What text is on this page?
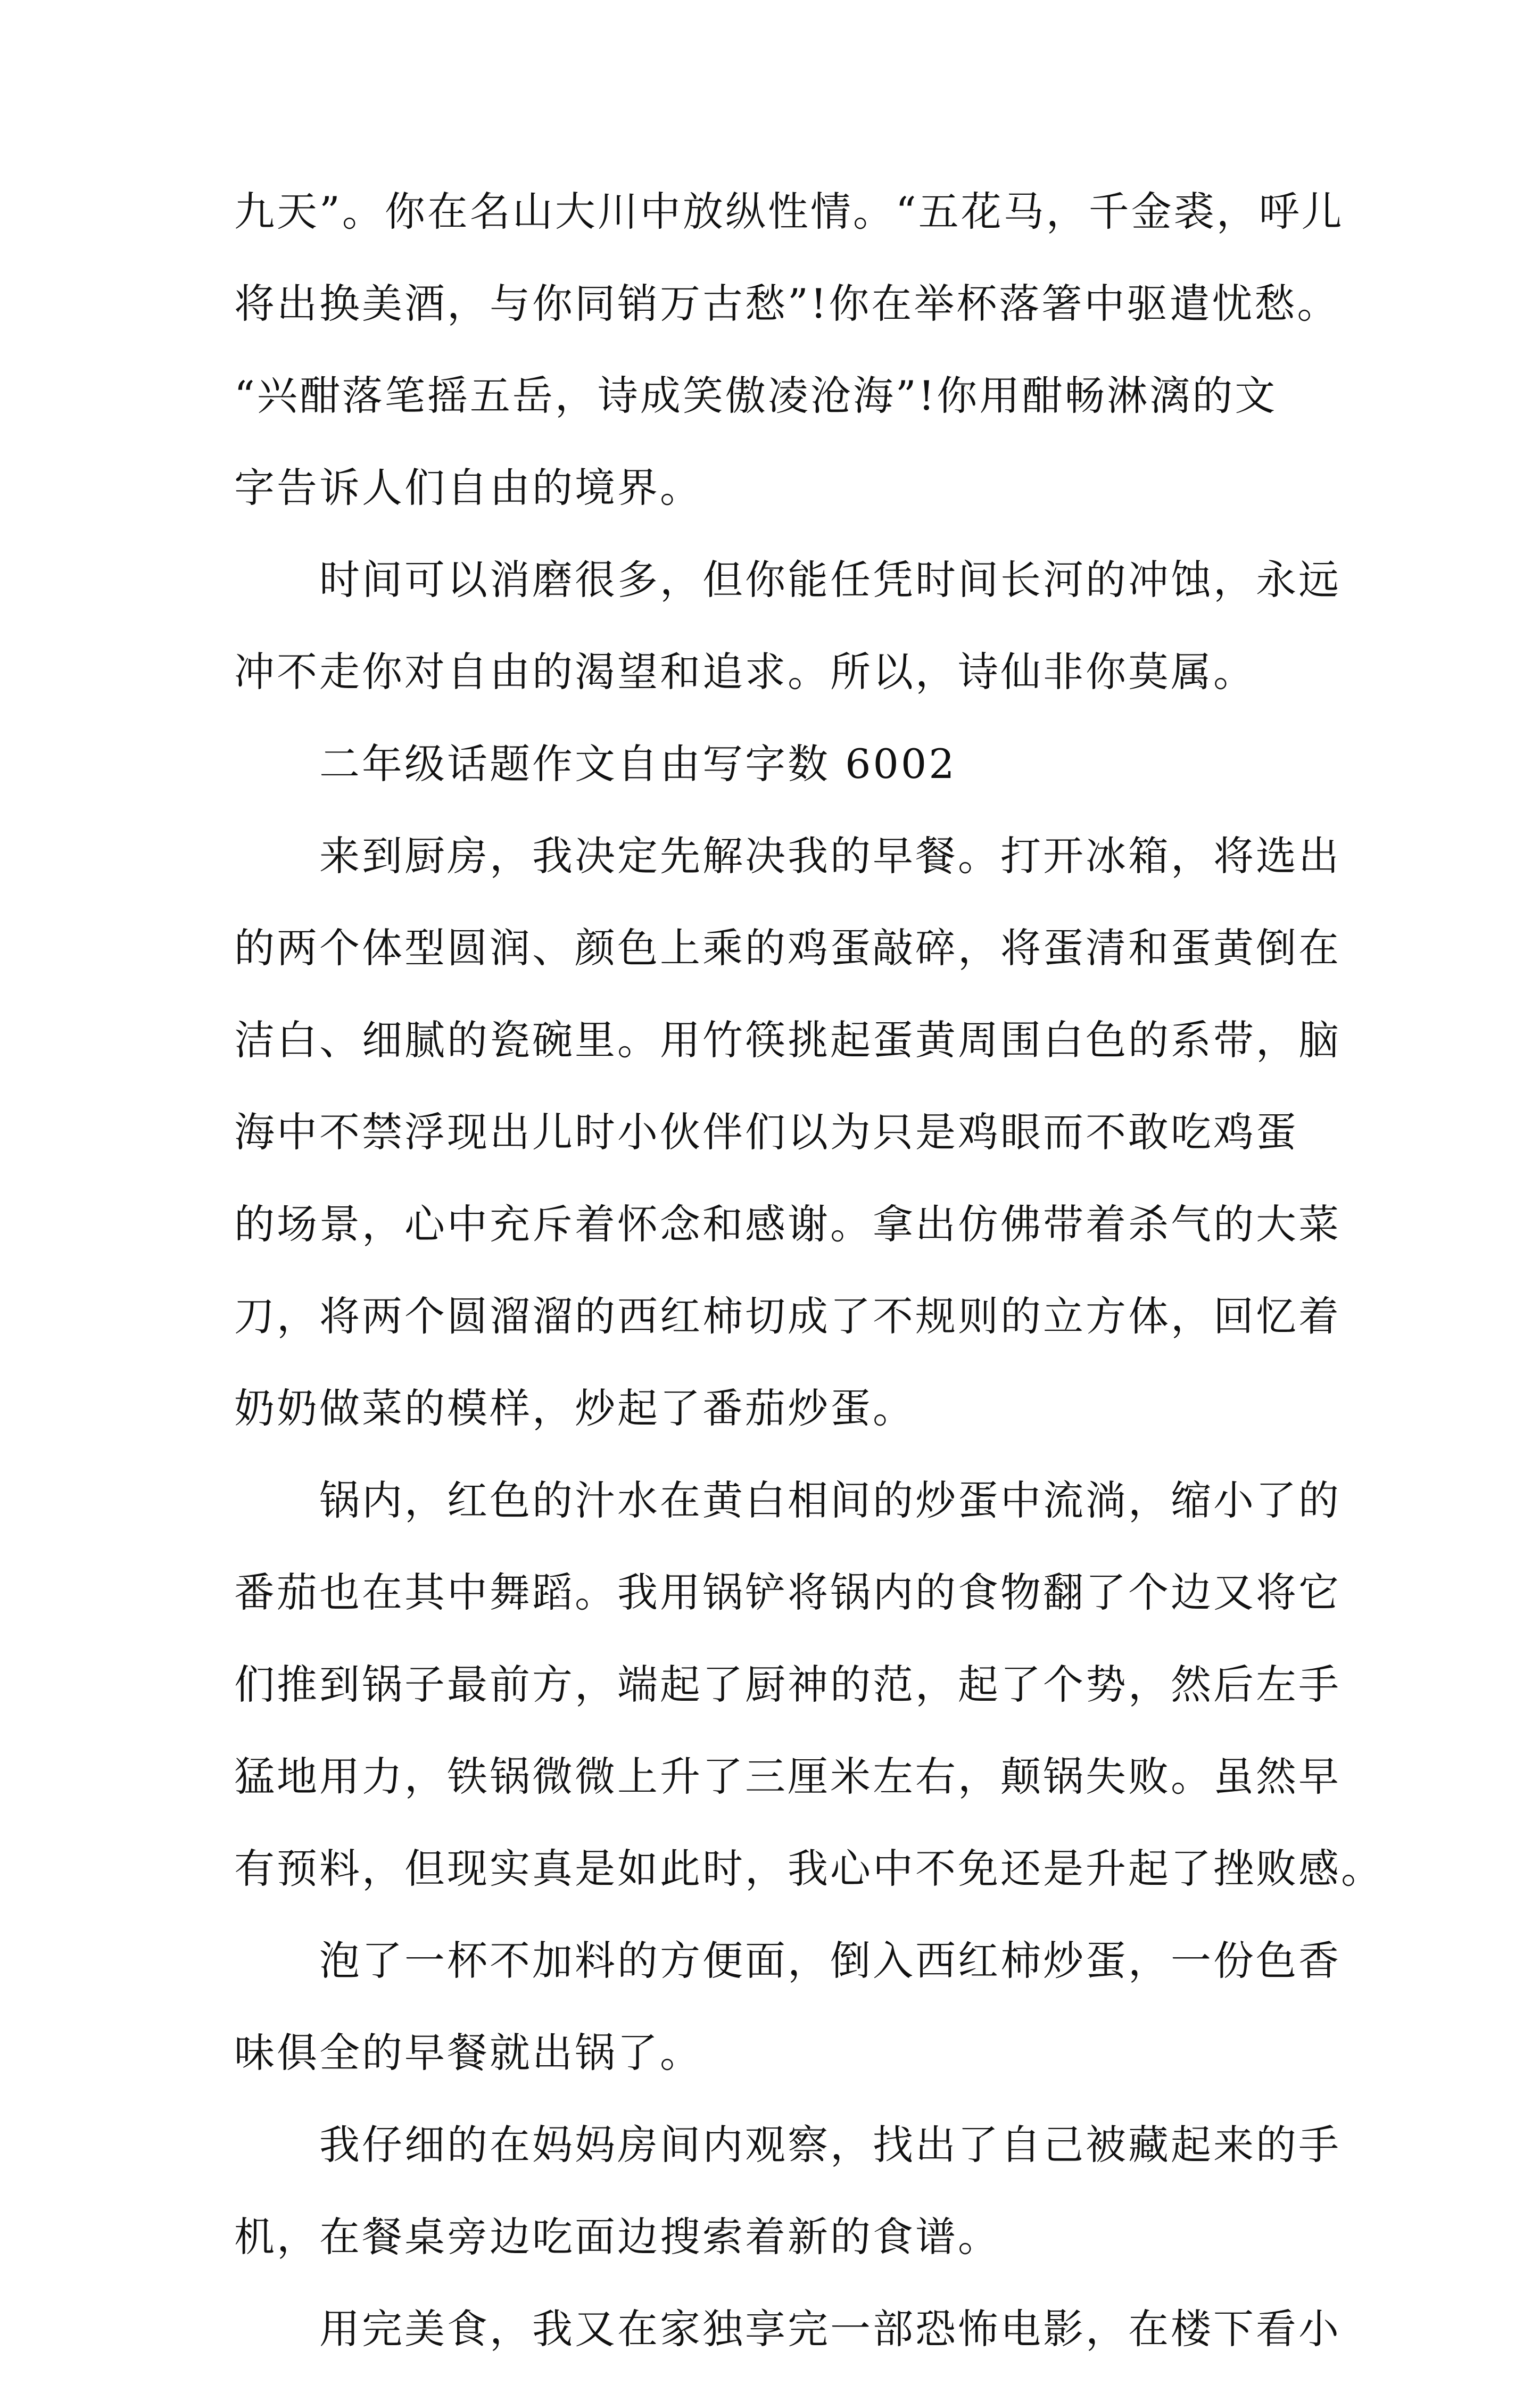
九天”。你在名山大川中放纵性情。“五花马，千金裘，呼儿
将出换美酒，与你同销万古愁”!你在举杯落箸中驱遣忧愁。
“兴酣落笔摇五岳，诗成笑傲凌沧海”!你用酣畅淋漓的文
字告诉人们自由的境界。
时间可以消磨很多，但你能任凭时间长河的冲蚀，永远
冲不走你对自由的渴望和追求。所以，诗仙非你莫属。
二年级话题作文自由写字数 6002
来到厨房，我决定先解决我的早餐。打开冰箱，将选出
的两个体型圆润、颜色上乘的鸡蛋敲碎，将蛋清和蛋黄倒在
洁白、细腻的瓷碗里。用竹筷挑起蛋黄周围白色的系带，脑
海中不禁浮现出儿时小伙伴们以为只是鸡眼而不敢吃鸡蛋
的场景，心中充斥着怀念和感谢。拿出仿佛带着杀气的大菜
刀，将两个圆溜溜的西红柿切成了不规则的立方体，回忆着
奶奶做菜的模样，炒起了番茄炒蛋。
锅内，红色的汁水在黄白相间的炒蛋中流淌，缩小了的
番茄也在其中舞蹈。我用锅铲将锅内的食物翻了个边又将它
们推到锅子最前方，端起了厨神的范，起了个势，然后左手
猛地用力，铁锅微微上升了三厘米左右，颠锅失败。虽然早
有预料，但现实真是如此时，我心中不免还是升起了挫败感。
泡了一杯不加料的方便面，倒入西红柿炒蛋，一份色香
味俱全的早餐就出锅了。
我仔细的在妈妈房间内观察，找出了自己被藏起来的手
机，在餐桌旁边吃面边搜索着新的食谱。
用完美食，我又在家独享完一部恐怖电影，在楼下看小
